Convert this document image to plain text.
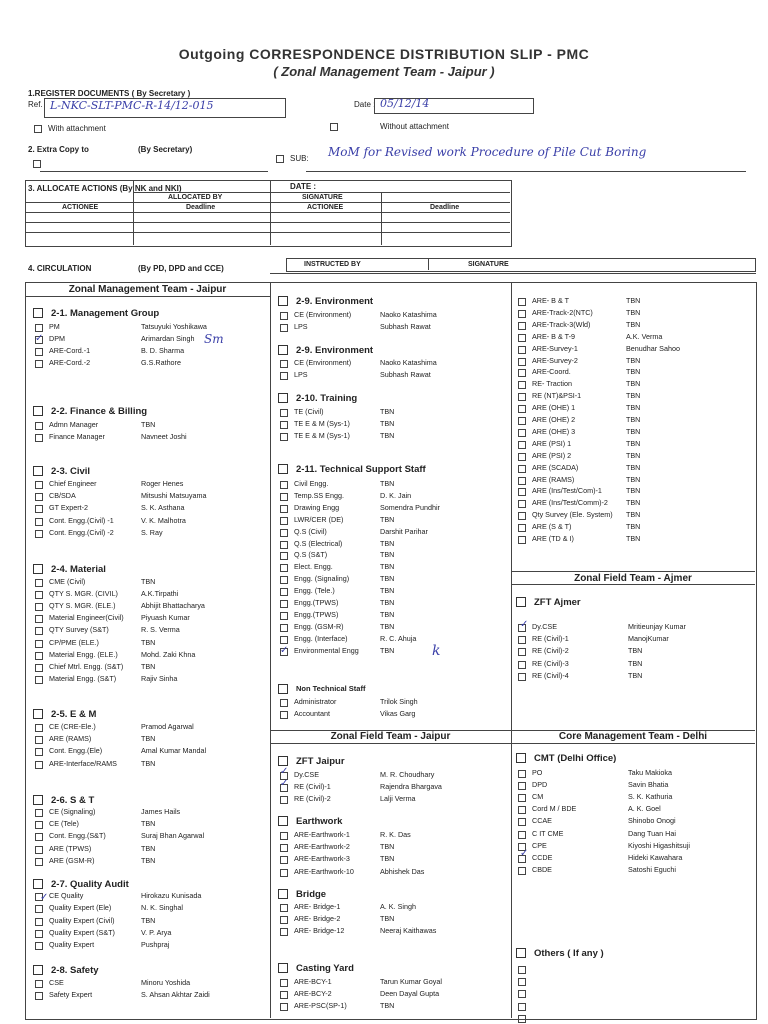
Outgoing CORRESPONDENCE DISTRIBUTION SLIP - PMC
( Zonal Management Team - Jaipur )
1.REGISTER DOCUMENTS ( By Secretary )
Ref. L-NKC-SLT-PMC-R-14/12-015	Date : 05/12/14
With attachment	Without attachment
2. Extra Copy to	(By Secretary)
SUB: MoM for Revised work Procedure of Pile Cut Boring
3. ALLOCATE ACTIONS (By NK and NKI)	DATE :
ALLOCATED BY	SIGNATURE
ACTIONEE	Deadline	ACTIONEE	Deadline
4. CIRCULATION	(By PD, DPD and CCE)	INSTRUCTED BY	SIGNATURE
Zonal Management Team - Jaipur
Zonal Field Team - Ajmer
Zonal Field Team - Jaipur	Core Management Team - Delhi
2-1. Management Group
PM	Tatsuyuki Yoshikawa
DPM	Arimardan Singh
ARE-Cord.-1	B. D. Sharma
ARE-Cord.-2	G.S.Rathore
2-2. Finance & Billing
Admn Manager	TBN
Finance Manager	Navneet Joshi
2-3. Civil
Chief Engineer	Roger Henes
CB/SDA	Mitsushi Matsuyama
GT Expert-2	S. K. Asthana
Cont. Engg.(Civil) -1	V. K. Malhotra
Cont. Engg.(Civil) -2	S. Ray
2-4. Material
CME (Civil)	TBN
QTY S. MGR. (CIVIL)	A.K.Tirpathi
QTY S. MGR. (ELE.)	Abhijit Bhattacharya
Material Engineer(Civil) Piyuash Kumar
QTY Survey (S&T)	R. S. Verma
CP/PME (ELE.)	TBN
Material Engg. (ELE.)	Mohd. Zaki Khna
Chief Mtrl. Engg. (S&T) TBN
Material Engg. (S&T)	Rajiv Sinha
2-5. E & M
CE (CRE-Ele.)	Pramod Agarwal
ARE (RAMS)	TBN
Cont. Engg.(Ele)	Amal Kumar Mandal
ARE-Interface/RAMS	TBN
2-6. S & T
CE (Signaling)	James Hails
CE (Tele)	TBN
Cont. Engg.(S&T)	Suraj Bhan Agarwal
ARE (TPWS)	TBN
ARE (GSM-R)	TBN
2-7. Quality Audit
CE Quality	Hirokazu Kunisada
Quality Expert (Ele)	N. K. Singhal
Quality Expert (Civil)	TBN
Quality Expert (S&T)	V. P. Arya
Quality Expert	Pushpraj
2-8. Safety
CSE	Minoru Yoshida
Safety Expert	S. Ahsan Akhtar Zaidi
2-9. Environment
CE (Environment)	Naoko Katashima
LPS	Subhash Rawat
2-9. Environment
CE (Environment)	Naoko Katashima
LPS	Subhash Rawat
2-10. Training
TE (Civil)	TBN
TE E & M (Sys-1)	TBN
TE E & M (Sys-1)	TBN
2-11. Technical Support Staff
Civil Engg.	TBN
Temp.SS Engg.	D. K. Jain
Drawing Engg	Somendra Pundhir
LWR/CER (DE)	TBN
Q.S (Civil)	Darshit Parihar
Q.S (Electrical)	TBN
Q.S (S&T)	TBN
Elect. Engg.	TBN
Engg. (Signaling)	TBN
Engg. (Tele.)	TBN
Engg.(TPWS)	TBN
Engg.(TPWS)	TBN
Engg. (GSM-R)	TBN
Engg. (Interface)	R. C. Ahuja
Environmental Engg	TBN
Non Technical Staff
Administrator	Trilok Singh
Accountant	Vikas Garg
ZFT Jaipur
Dy.CSE	M. R. Choudhary
RE (Civil)-1	Rajendra Bhargava
RE (Civil)-2	Lalji Verma
Earthwork
ARE-Earthwork-1	R. K. Das
ARE-Earthwork-2	TBN
ARE-Earthwork-3	TBN
ARE-Earthwork-10	Abhishek Das
Bridge
ARE- Bridge-1	A. K. Singh
ARE- Bridge-2	TBN
ARE- Bridge-12	Neeraj Kaithawas
Casting Yard
ARE-BCY-1	Tarun Kumar Goyal
ARE-BCY-2	Deen Dayal Gupta
ARE-PSC(SP-1)	TBN
ZFT Ajmer
Dy.CSE	Mritieunjay Kumar
RE (Civil)-1	ManojKumar
RE (Civil)-2	TBN
RE (Civil)-3	TBN
RE (Civil)-4	TBN
CMT (Delhi Office)
PO	Taku Makioka
DPD	Savin Bhatia
CM	S. K. Kathuria
Cord M / BDE	A. K. Goel
CCAE	Shinobo Onogi
C IT CME	Dang Tuan Hai
CPE	Kiyoshi Higashitsuji
CCDE	Hideki Kawahara
CBDE	Satoshi Eguchi
Others ( If any )
ARE- B & T	TBN
ARE-Track-2(NTC)	TBN
ARE-Track-3(Wld)	TBN
ARE- B & T-9	A.K. Verma
ARE-Survey-1	Benudhar Sahoo
ARE-Survey-2	TBN
ARE-Coord.	TBN
RE- Traction	TBN
RE (NT)&PSI-1	TBN
ARE (OHE) 1	TBN
ARE (OHE) 2	TBN
ARE (OHE) 3	TBN
ARE (PSI) 1	TBN
ARE (PSI) 2	TBN
ARE (SCADA)	TBN
ARE (RAMS)	TBN
ARE (Ins/Test/Com)-1	TBN
ARE (Ins/Test/Comm)-2	TBN
Qty Survey (Ele. System) TBN
ARE (S & T)	TBN
ARE (TD & I)	TBN
Sm
k
✓
✓
✓
✓
✓
✓
✓
